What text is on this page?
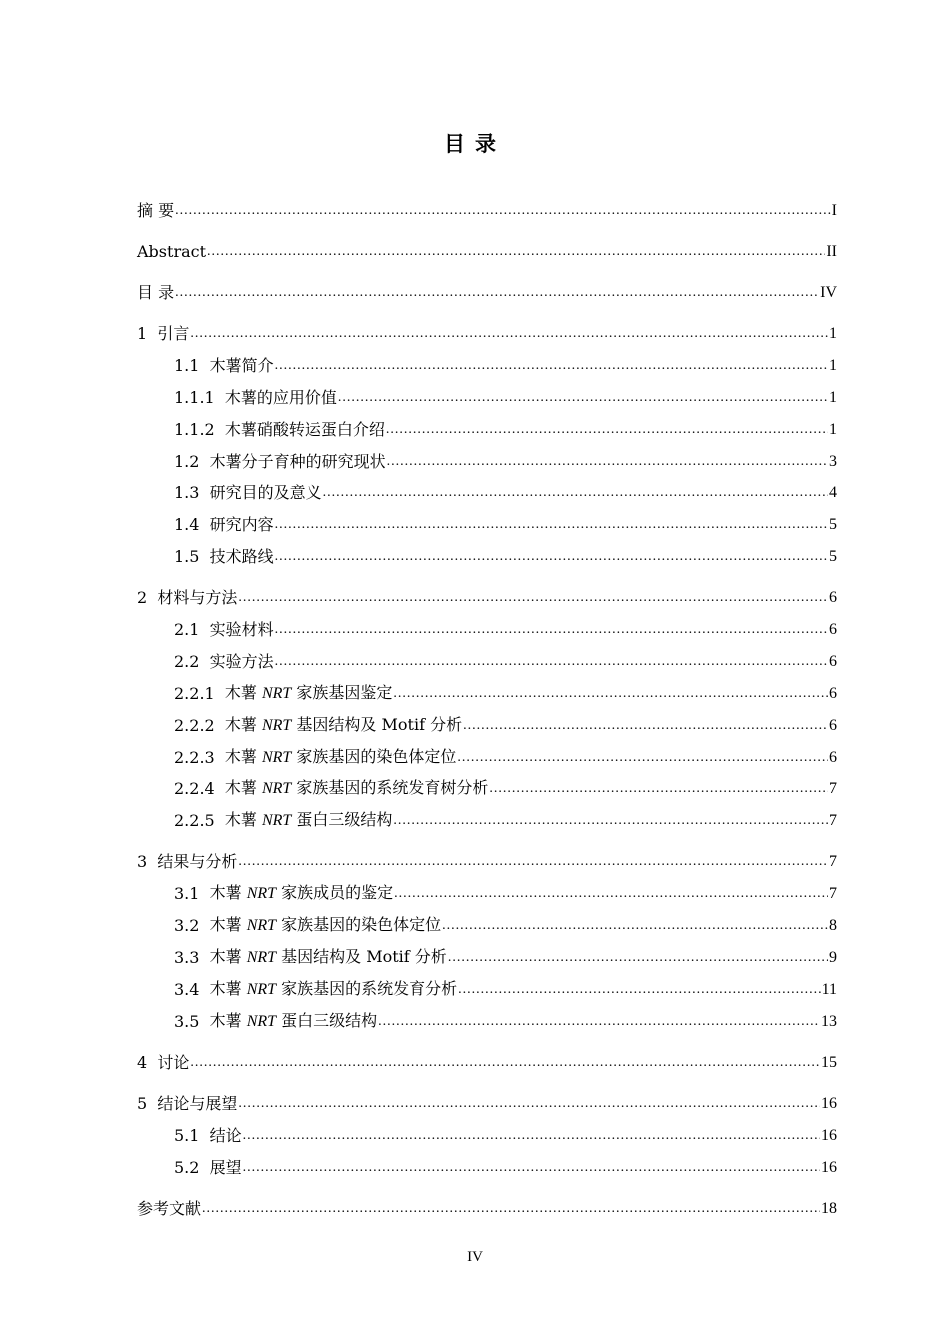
目录
摘 要 .....	I
Abstract .....	II
目 录 .....	IV
1 引言 .....	1
1.1 木薯简介 .....	1
1.1.1 木薯的应用价值 .....	1
1.1.2 木薯硝酸转运蛋白介绍 .....	1
1.2 木薯分子育种的研究现状 .....	3
1.3 研究目的及意义 .....	4
1.4 研究内容 .....	5
1.5 技术路线 .....	5
2 材料与方法 .....	6
2.1 实验材料 .....	6
2.2 实验方法 .....	6
2.2.1 木薯 NRT 家族基因鉴定 .....	6
2.2.2 木薯 NRT 基因结构及 Motif 分析 .....	6
2.2.3 木薯 NRT 家族基因的染色体定位 .....	6
2.2.4 木薯 NRT 家族基因的系统发育树分析 .....	7
2.2.5 木薯 NRT 蛋白三级结构 .....	7
3 结果与分析 .....	7
3.1 木薯 NRT 家族成员的鉴定 .....	7
3.2 木薯 NRT 家族基因的染色体定位 .....	8
3.3 木薯 NRT 基因结构及 Motif 分析 .....	9
3.4 木薯 NRT 家族基因的系统发育分析 .....	11
3.5 木薯 NRT 蛋白三级结构 .....	13
4 讨论 .....	15
5 结论与展望 .....	16
5.1 结论 .....	16
5.2 展望 .....	16
参考文献 .....	18
IV
